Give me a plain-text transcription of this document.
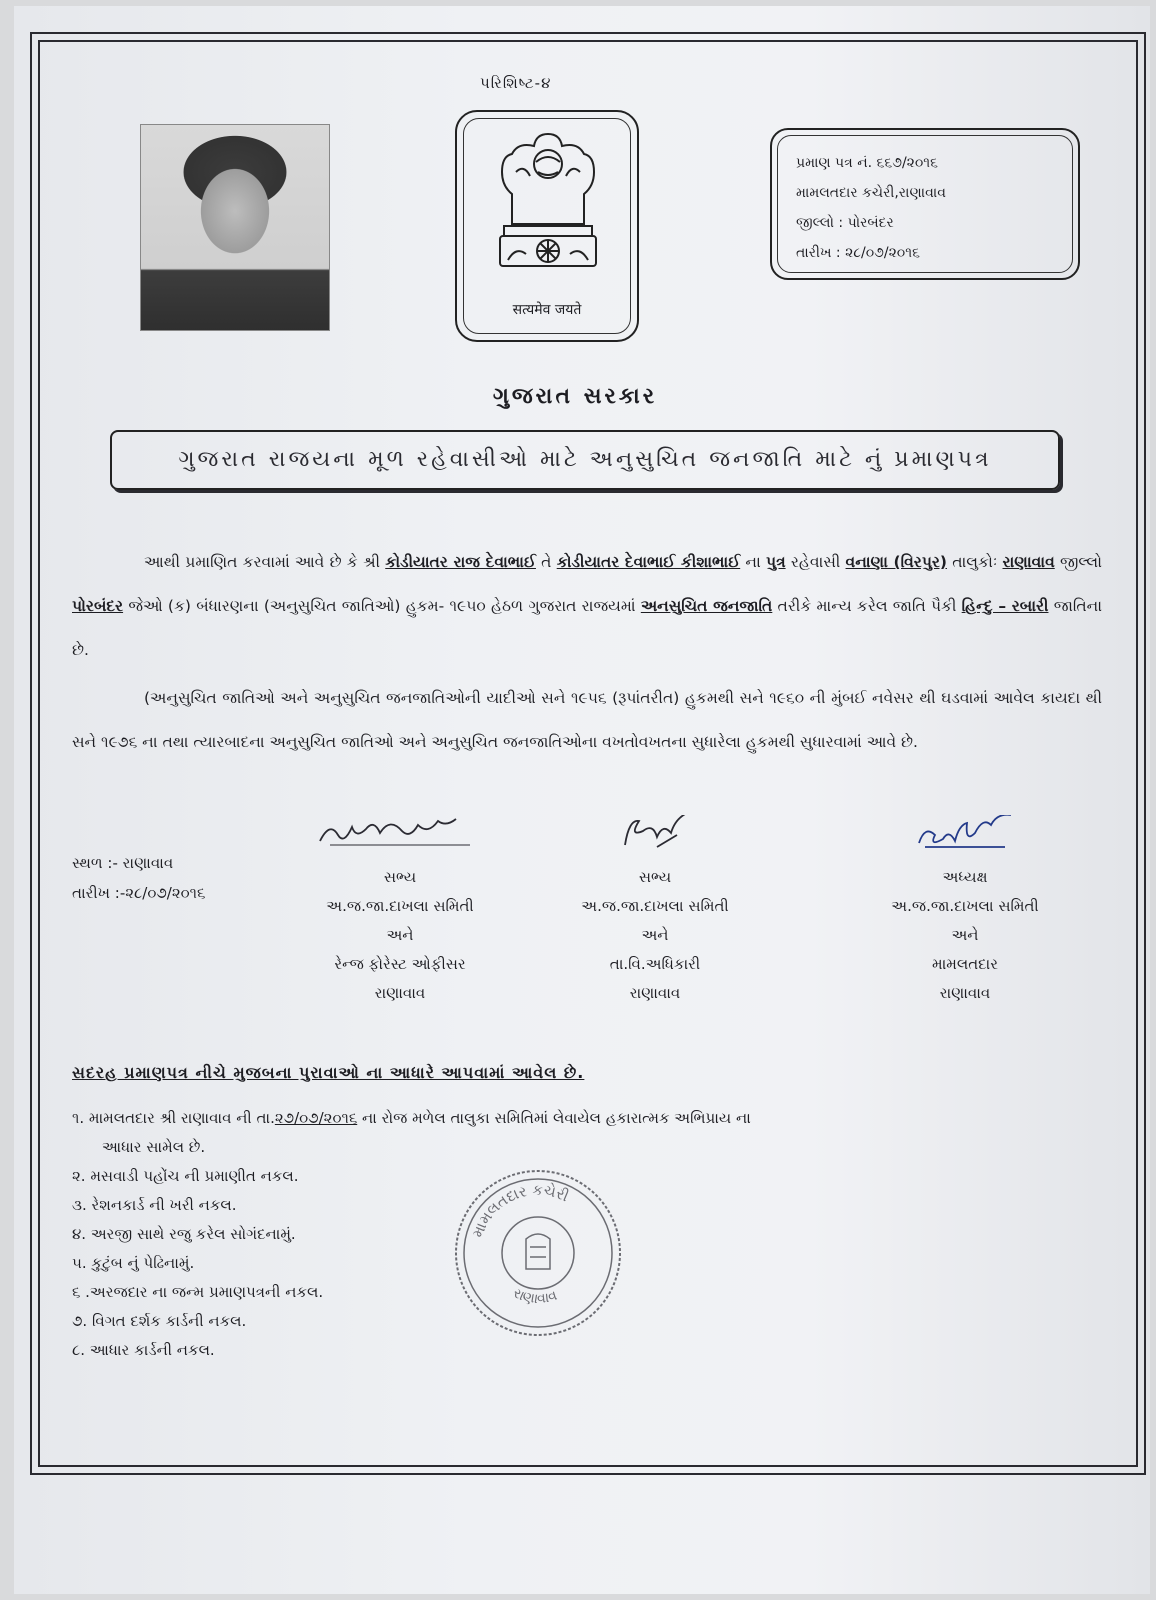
પરિશિષ્ટ-૪
सत्यमेव जयते
પ્રમાણ પત્ર નં. ૬૬૭/૨૦૧૬
મામલતદાર કચેરી,રાણાવાવ
જીલ્લો : પોરબંદર
તારીખ : ૨૮/૦૭/૨૦૧૬
ગુજરાત સરકાર
ગુજરાત રાજયના મૂળ રહેવાસીઓ માટે અનુસુચિત જનજાતિ માટે નું પ્રમાણપત્ર
આથી પ્રમાણિત કરવામાં આવે છે કે શ્રી કોડીયાતર રાજ દેવાભાઈ તે કોડીયાતર દેવાભાઈ કીશાભાઈ ના પુત્ર રહેવાસી વનાણા (વિરપુર) તાલુકોઃ રાણાવાવ જીલ્લો પોરબંદર જેઓ (ક) બંધારણના (અનુસુચિત જાતિઓ) હુકમ- ૧૯૫૦ હેઠળ ગુજરાત રાજયમાં અનસુચિત જનજાતિ તરીકે માન્ય કરેલ જાતિ પૈકી હિન્દુ – રબારી જાતિના છે.
(અનુસુચિત જાતિઓ અને અનુસુચિત જનજાતિઓની યાદીઓ સને ૧૯૫૬ (રૂપાંતરીત) હુકમથી સને ૧૯૬૦ ની મુંબઈ નવેસર થી ઘડવામાં આવેલ કાયદા થી સને ૧૯૭૬ ના તથા ત્યારબાદના અનુસુચિત જાતિઓ અને અનુસુચિત જનજાતિઓના વખતોવખતના સુધારેલા હુકમથી સુધારવામાં આવે છે.
સ્થળ :- રાણાવાવ
તારીખ :-૨૮/૦૭/૨૦૧૬
સભ્ય
અ.જ.જા.દાખલા સમિતી
અને
રેન્જ ફોરેસ્ટ ઓફીસર
રાણાવાવ
સભ્ય
અ.જ.જા.દાખલા સમિતી
અને
તા.વિ.અધિકારી
રાણાવાવ
અધ્યક્ષ
અ.જ.જા.દાખલા સમિતી
અને
મામલતદાર
રાણાવાવ
સદરહ પ્રમાણપત્ર નીચે મુજબના પુરાવાઓ ના આધારે આપવામાં આવેલ છે.
૧. મામલતદાર શ્રી રાણાવાવ ની તા.૨૭/૦૭/૨૦૧૬ ના રોજ મળેલ તાલુકા સમિતિમાં લેવાયેલ હકારાત્મક અભિપ્રાય ના
આધાર સામેલ છે.
૨. મસવાડી પહોંચ ની પ્રમાણીત નકલ.
૩. રેશનકાર્ડ ની ખરી નકલ.
૪. અરજી સાથે રજુ કરેલ સોગંદનામું.
૫. કુટુંબ નું પેઢિનામું.
૬ .અરજદાર ના જન્મ પ્રમાણપત્રની નકલ.
૭. વિગત દર્શક કાર્ડની નકલ.
૮. આધાર કાર્ડની નકલ.
મામલતદાર કચેરી
રાણાવાવ
